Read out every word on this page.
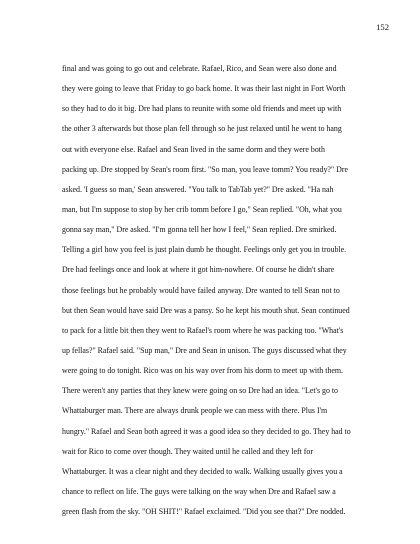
152
final and was going to go out and celebrate. Rafael, Rico, and Sean were also done and
they were going to leave that Friday to go back home. It was their last night in Fort Worth
so they had to do it big. Dre had plans to reunite with some old friends and meet up with
the other 3 afterwards but those plan fell through so he just relaxed until he went to hang
out with everyone else. Rafael and Sean lived in the same dorm and they were both
packing up. Dre stopped by Sean's room first. "So man, you leave tomm? You ready?" Dre
asked. 'I guess so man,' Sean answered. "You talk to TabTab yet?" Dre asked. "Ha nah
man, but I'm suppose to stop by her crib tomm before I go," Sean replied. "Oh, what you
gonna say man," Dre asked. "I'm gonna tell her how I feel," Sean replied. Dre smirked.
Telling a girl how you feel is just plain dumb he thought. Feelings only get you in trouble.
Dre had feelings once and look at where it got him-nowhere. Of course he didn't share
those feelings but he probably would have failed anyway. Dre wanted to tell Sean not to
but then Sean would have said Dre was a pansy. So he kept his mouth shut. Sean continued
to pack for a little bit then they went to Rafael's room where he was packing too. "What's
up fellas?" Rafael said. "Sup man," Dre and Sean in unison. The guys discussed what they
were going to do tonight. Rico was on his way over from his dorm to meet up with them.
There weren't any parties that they knew were going on so Dre had an idea. "Let's go to
Whattaburger man. There are always drunk people we can mess with there. Plus I'm
hungry." Rafael and Sean both agreed it was a good idea so they decided to go. They had to
wait for Rico to come over though. They waited until he called and they left for
Whattaburger. It was a clear night and they decided to walk. Walking usually gives you a
chance to reflect on life. The guys were talking on the way when Dre and Rafael saw a
green flash from the sky. "OH SHIT!" Rafael exclaimed. "Did you see that?" Dre nodded.
